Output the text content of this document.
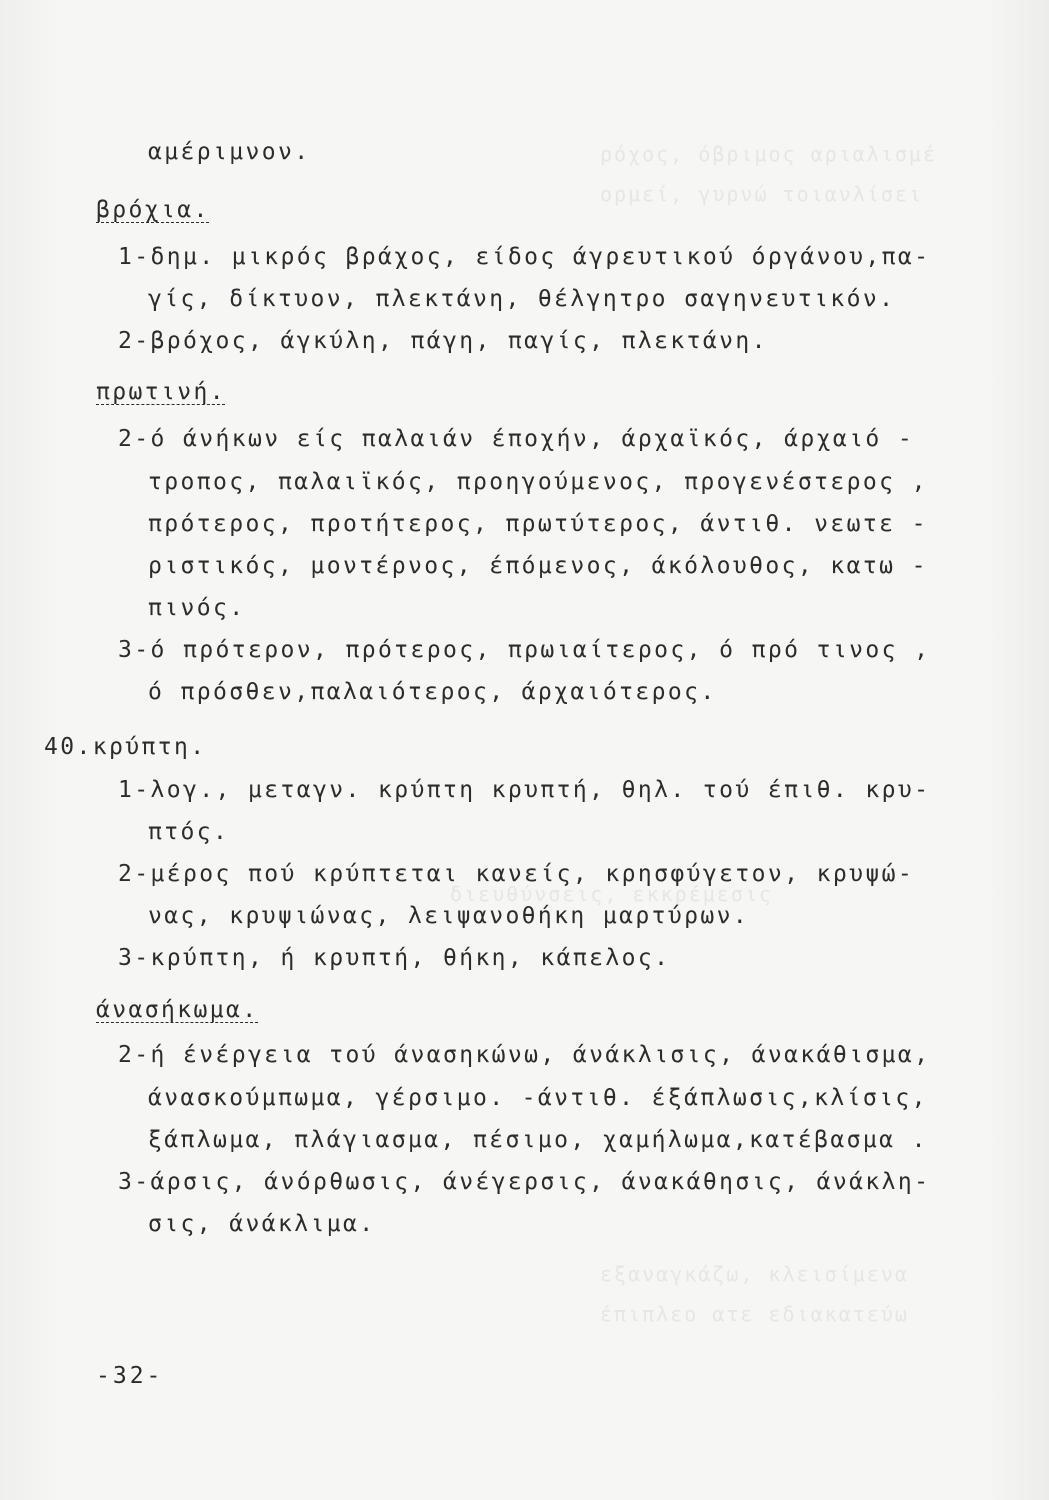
ρόχος, όβριμος αριαλισμέ
ορμεί, γυρνώ τοιανλίσει
διευθύνσεις, εκκρέμεσις
εξαναγκάζω, κλεισίμενα
έπιπλεο ατε εδιακατεύω
αμέριμνον.
βρόχια.
1-δημ. μικρός βράχος, είδος άγρευτικού όργάνου,πα-
γίς, δίκτυον, πλεκτάνη, θέλγητρο σαγηνευτικόν.
2-βρόχος, άγκύλη, πάγη, παγίς, πλεκτάνη.
πρωτινή.
2-ό άνήκων είς παλαιάν έποχήν, άρχαϊκός, άρχαιό -
τροπος, παλαιϊκός, προηγούμενος, προγενέστερος ,
πρότερος, προτήτερος, πρωτύτερος, άντιθ. νεωτε -
ριστικός, μοντέρνος, έπόμενος, άκόλουθος, κατω -
πινός.
3-ό πρότερον, πρότερος, πρωιαίτερος, ό πρό τινος ,
ό πρόσθεν,παλαιότερος, άρχαιότερος.
40.κρύπτη.
1-λογ., μεταγν. κρύπτη κρυπτή, θηλ. τού έπιθ. κρυ-
πτός.
2-μέρος πού κρύπτεται κανείς, κρησφύγετον, κρυψώ-
νας, κρυψιώνας, λειψανοθήκη μαρτύρων.
3-κρύπτη, ή κρυπτή, θήκη, κάπελος.
άνασήκωμα.
2-ή ένέργεια τού άνασηκώνω, άνάκλισις, άνακάθισμα,
άνασκούμπωμα, γέρσιμο. -άντιθ. έξάπλωσις,κλίσις,
ξάπλωμα, πλάγιασμα, πέσιμο, χαμήλωμα,κατέβασμα .
3-άρσις, άνόρθωσις, άνέγερσις, άνακάθησις, άνάκλη-
σις, άνάκλιμα.
-32-
